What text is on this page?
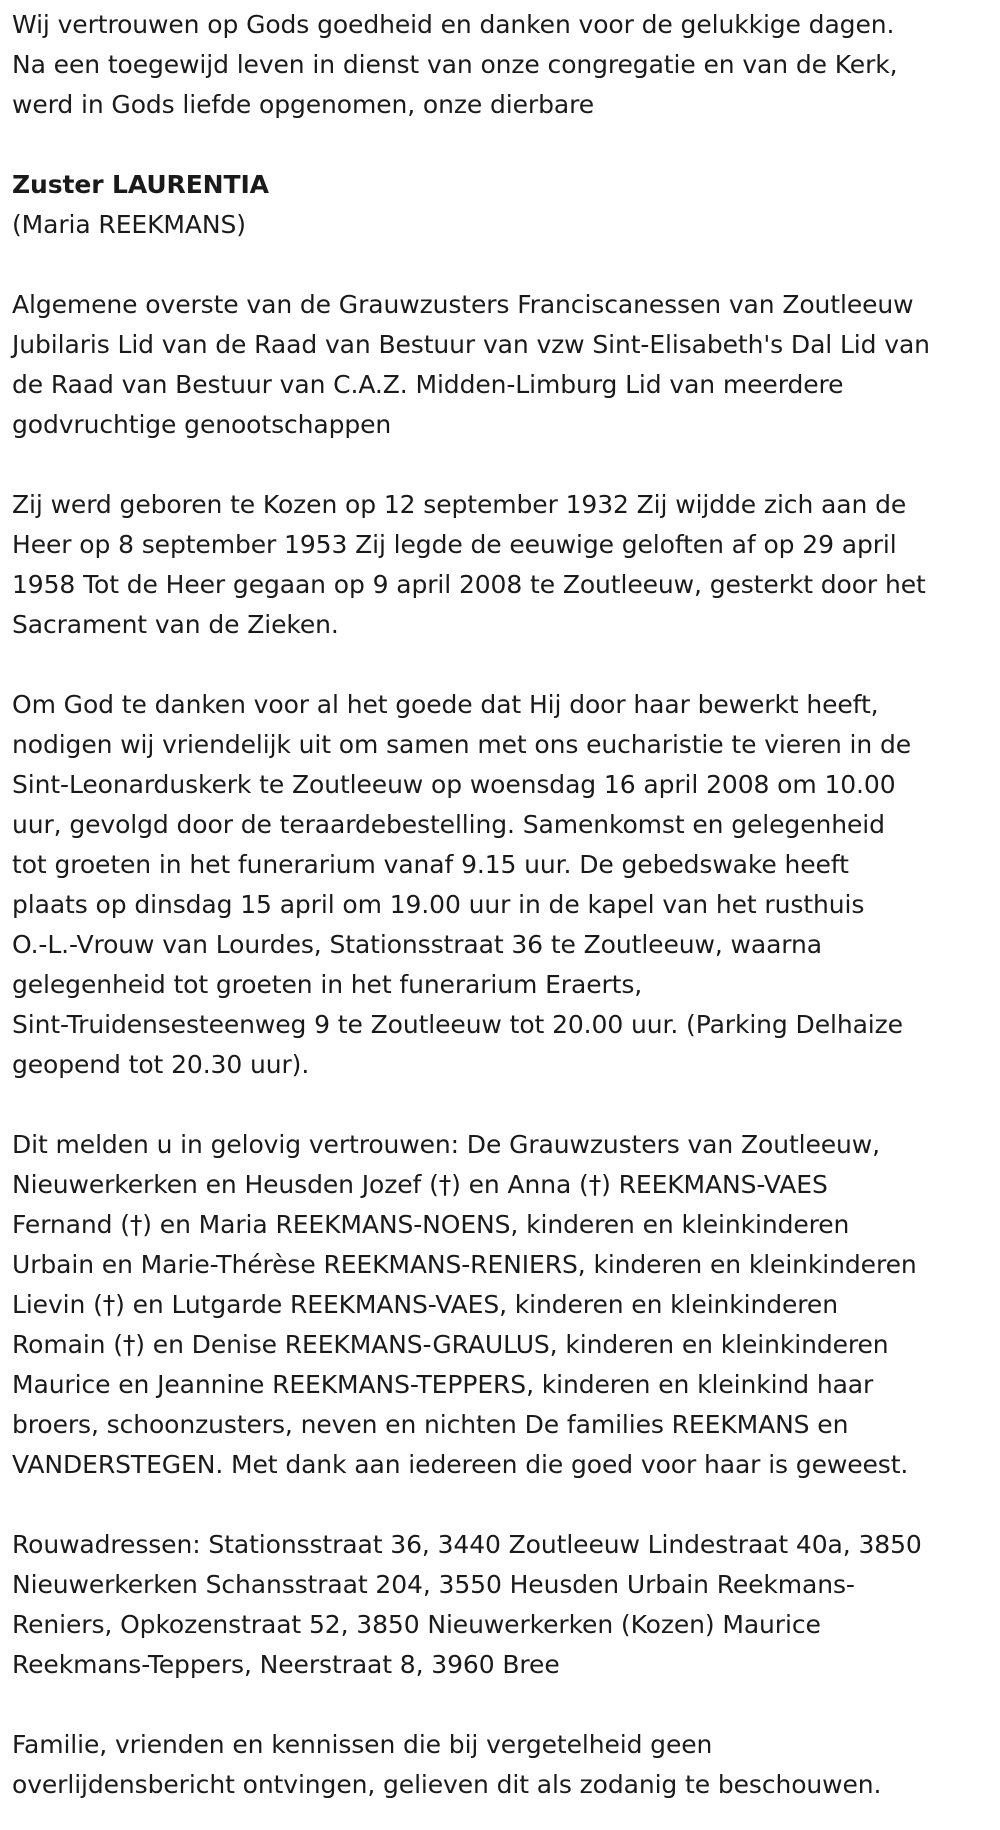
Wij vertrouwen op Gods goedheid en danken voor de gelukkige dagen.
Na een toegewijd leven in dienst van onze congregatie en van de Kerk,
werd in Gods liefde opgenomen, onze dierbare

Zuster LAURENTIA

(Maria REEKMANS)

Algemene overste van de Grauwzusters Franciscanessen van Zoutleeuw
Jubilaris Lid van de Raad van Bestuur van vzw Sint-Elisabeth's Dal Lid van
de Raad van Bestuur van C.A.Z. Midden-Limburg Lid van meerdere
godvruchtige genootschappen

Zij werd geboren te Kozen op 12 september 1932 Zij wijdde zich aan de
Heer op 8 september 1953 Zij legde de eeuwige geloften af op 29 april
1958 Tot de Heer gegaan op 9 april 2008 te Zoutleeuw, gesterkt door het
Sacrament van de Zieken.

Om God te danken voor al het goede dat Hij door haar bewerkt heeft,
nodigen wij vriendelijk uit om samen met ons eucharistie te vieren in de
Sint-Leonarduskerk te Zoutleeuw op woensdag 16 april 2008 om 10.00
uur, gevolgd door de teraardebestelling. Samenkomst en gelegenheid
tot groeten in het funerarium vanaf 9.15 uur. De gebedswake heeft
plaats op dinsdag 15 april om 19.00 uur in de kapel van het rusthuis
O.-L.-Vrouw van Lourdes, Stationsstraat 36 te Zoutleeuw, waarna
gelegenheid tot groeten in het funerarium Eraerts,
Sint-Truidensesteenweg 9 te Zoutleeuw tot 20.00 uur. (Parking Delhaize
geopend tot 20.30 uur).

Dit melden u in gelovig vertrouwen: De Grauwzusters van Zoutleeuw,
Nieuwerkerken en Heusden Jozef (†) en Anna (†) REEKMANS-VAES
Fernand (†) en Maria REEKMANS-NOENS, kinderen en kleinkinderen
Urbain en Marie-Thérèse REEKMANS-RENIERS, kinderen en kleinkinderen
Lievin (†) en Lutgarde REEKMANS-VAES, kinderen en kleinkinderen
Romain (†) en Denise REEKMANS-GRAULUS, kinderen en kleinkinderen
Maurice en Jeannine REEKMANS-TEPPERS, kinderen en kleinkind haar
broers, schoonzusters, neven en nichten De families REEKMANS en
VANDERSTEGEN. Met dank aan iedereen die goed voor haar is geweest.

Rouwadressen: Stationsstraat 36, 3440 Zoutleeuw Lindestraat 40a, 3850
Nieuwerkerken Schansstraat 204, 3550 Heusden Urbain Reekmans-
Reniers, Opkozenstraat 52, 3850 Nieuwerkerken (Kozen) Maurice
Reekmans-Teppers, Neerstraat 8, 3960 Bree

Familie, vrienden en kennissen die bij vergetelheid geen
overlijdensbericht ontvingen, gelieven dit als zodanig te beschouwen.
